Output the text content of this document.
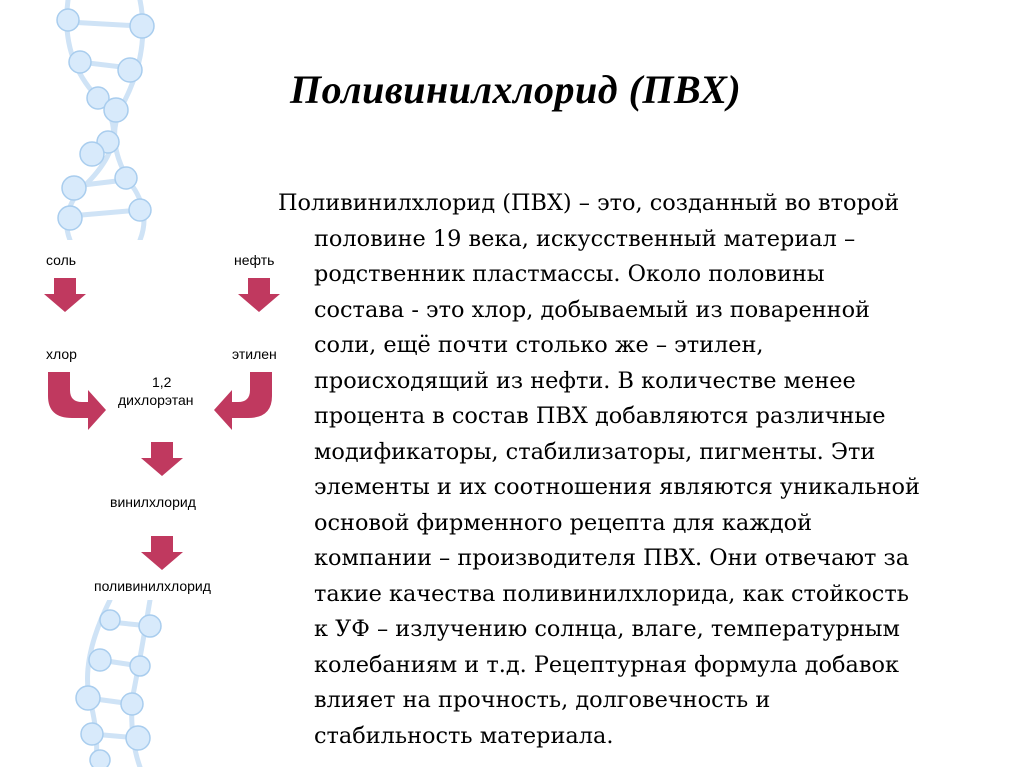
Поливинилхлорид (ПВХ)

Поливинилхлорид (ПВХ) – это, созданный во второй
половине 19 века, искусственный материал –
родственник пластмассы. Около половины
состава - это хлор, добываемый из поваренной
соли, ещё почти столько же – этилен,
происходящий из нефти. В количестве менее
процента в состав ПВХ добавляются различные
модификаторы, стабилизаторы, пигменты. Эти
элементы и их соотношения являются уникальной
основой фирменного рецепта для каждой
компании – производителя ПВХ. Они отвечают за
такие качества поливинилхлорида, как стойкость
к УФ – излучению солнца, влаге, температурным
колебаниям и т.д. Рецептурная формула добавок
влияет на прочность, долговечность и
стабильность материала.

соль	нефть
хлор	этилен
1,2
дихлорэтан
винилхлорид
поливинилхлорид
